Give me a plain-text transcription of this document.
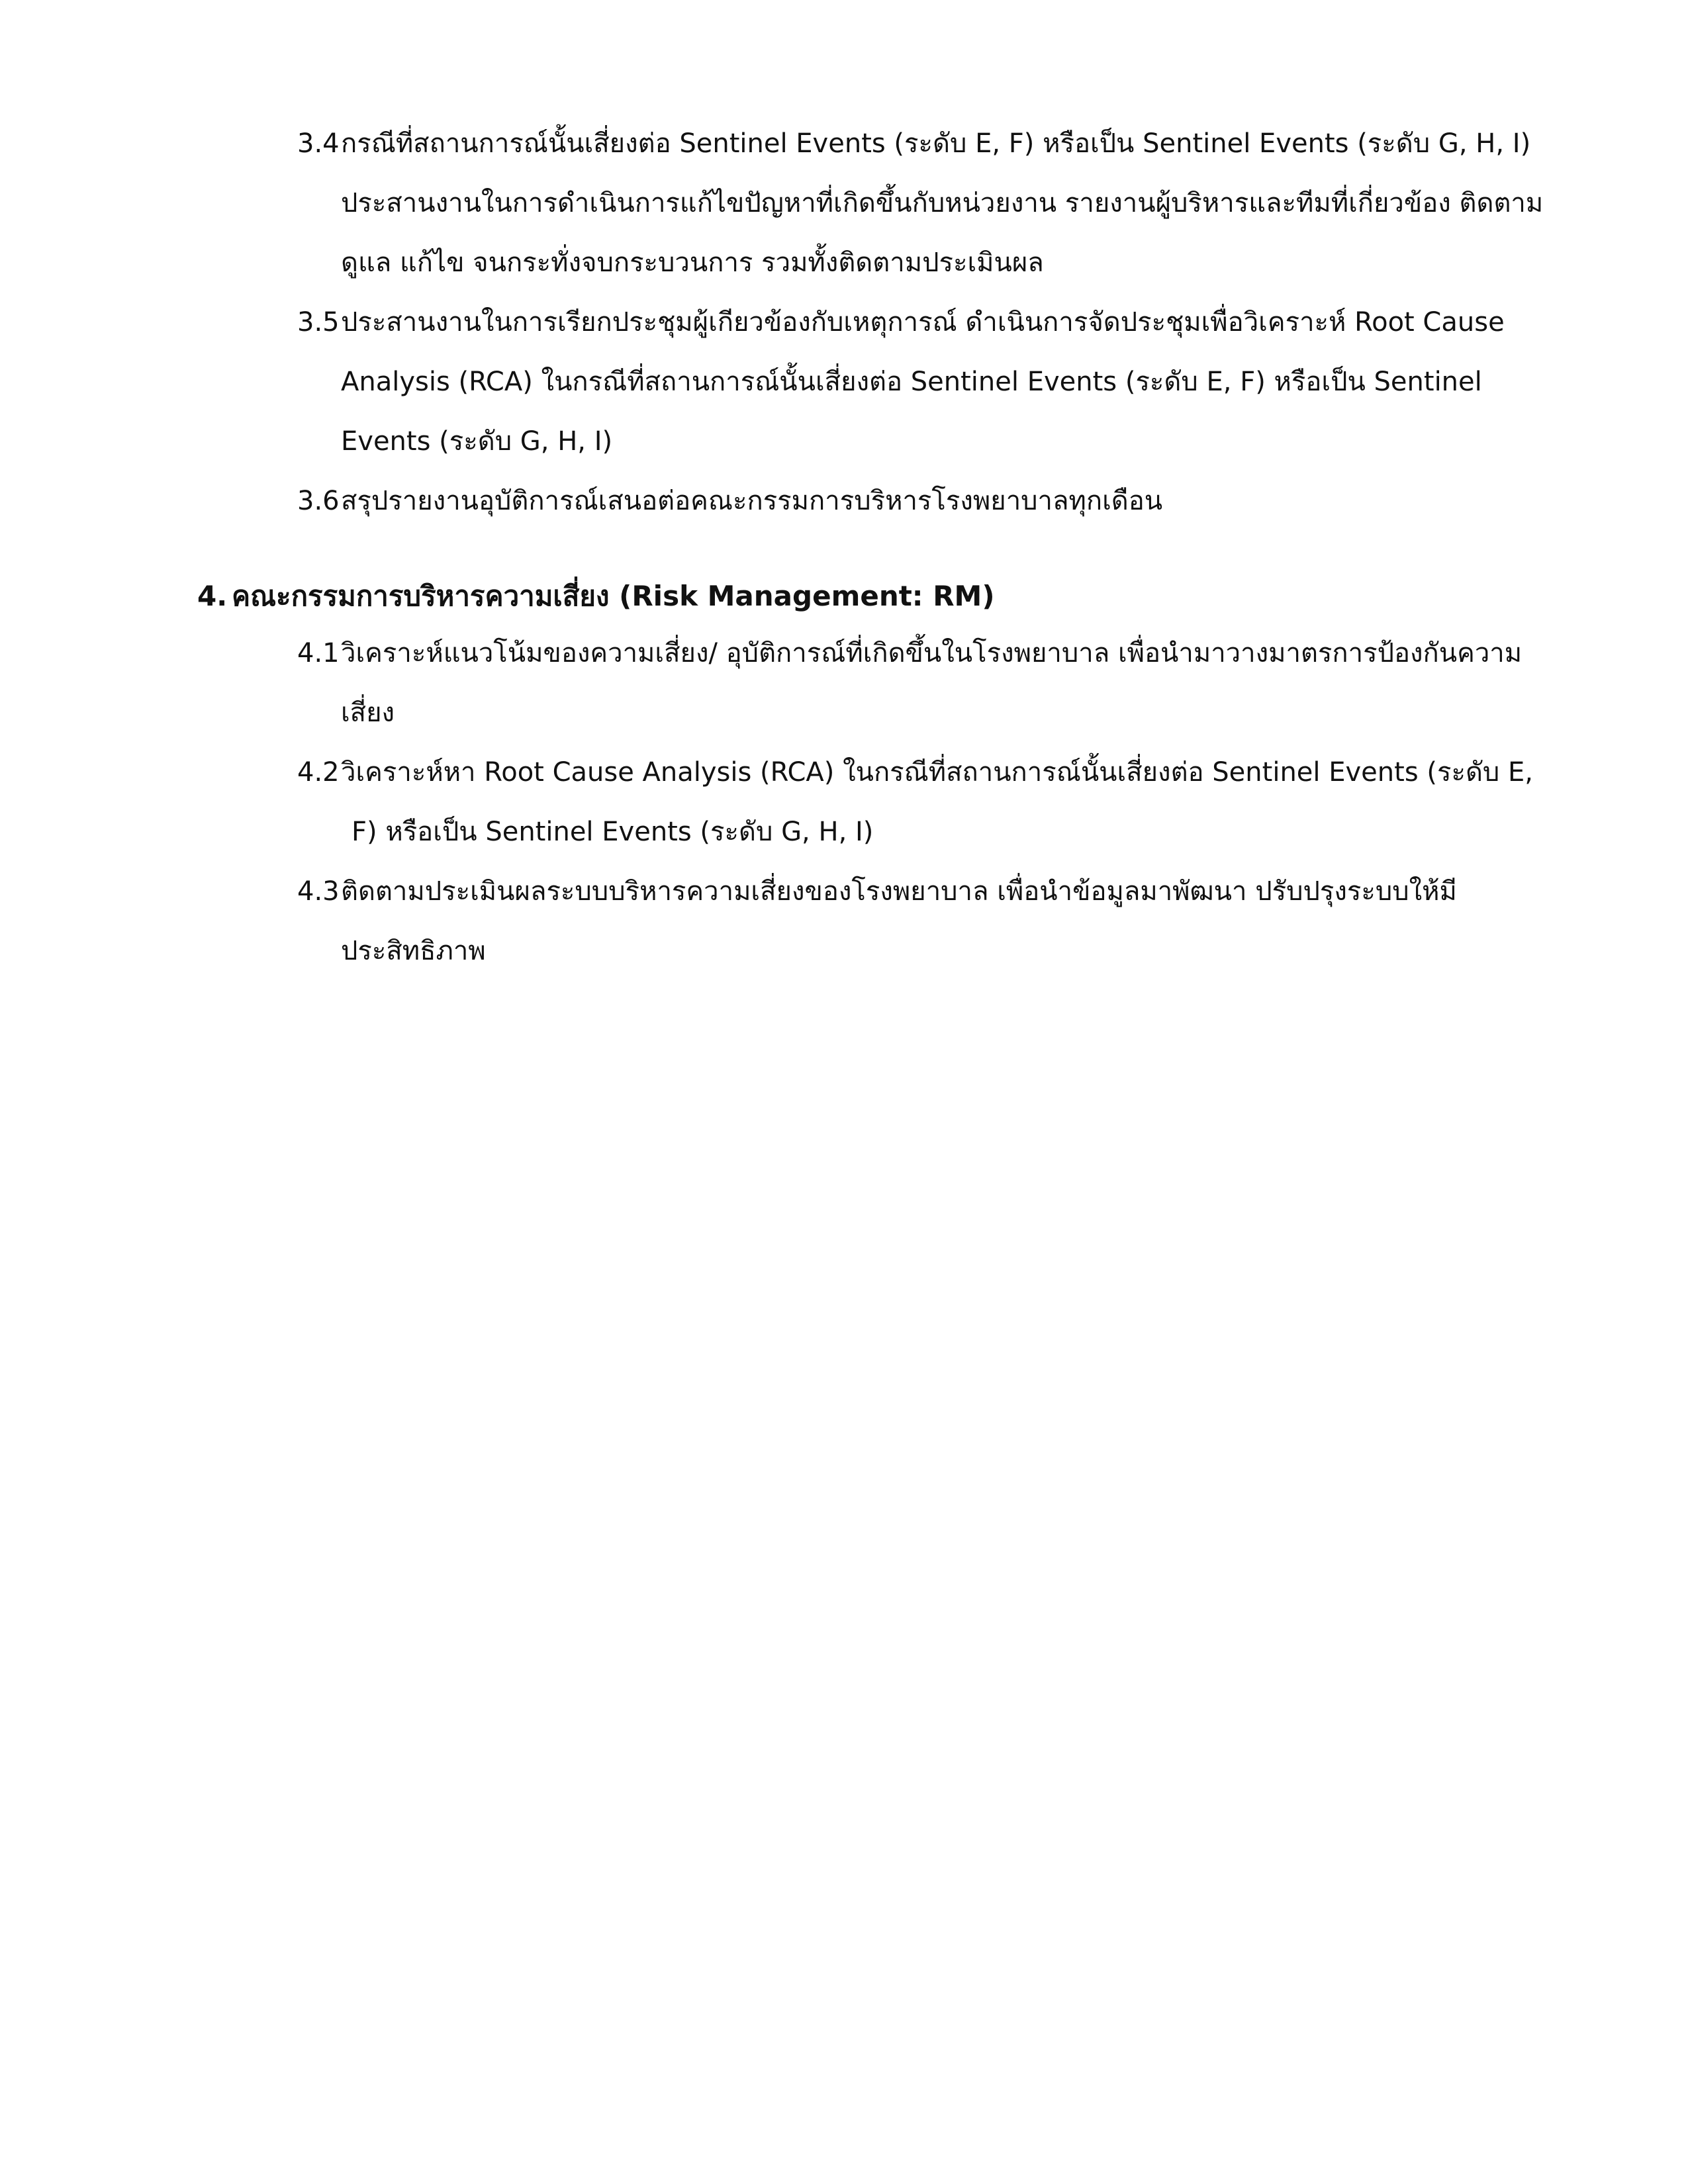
3.4กรณีที่สถานการณ์นั้นเสี่ยงต่อ Sentinel Events (ระดับ E, F) หรือเป็น Sentinel Events (ระดับ G, H, I)
ประสานงานในการดำเนินการแก้ไขปัญหาที่เกิดขึ้นกับหน่วยงาน รายงานผู้บริหารและทีมที่เกี่ยวข้อง ติดตาม
ดูแล แก้ไข จนกระทั่งจบกระบวนการ รวมทั้งติดตามประเมินผล
3.5ประสานงานในการเรียกประชุมผู้เกียวข้องกับเหตุการณ์ ดำเนินการจัดประชุมเพื่อวิเคราะห์ Root Cause
Analysis (RCA) ในกรณีที่สถานการณ์นั้นเสี่ยงต่อ Sentinel Events (ระดับ E, F) หรือเป็น Sentinel
Events (ระดับ G, H, I)
3.6สรุปรายงานอุบัติการณ์เสนอต่อคณะกรรมการบริหารโรงพยาบาลทุกเดือน
4. คณะกรรมการบริหารความเสี่ยง (Risk Management: RM)
4.1วิเคราะห์แนวโน้มของความเสี่ยง/ อุบัติการณ์ที่เกิดขึ้นในโรงพยาบาล เพื่อนำมาวางมาตรการป้องกันความ
เสี่ยง
4.2วิเคราะห์หา Root Cause Analysis (RCA) ในกรณีที่สถานการณ์นั้นเสี่ยงต่อ Sentinel Events (ระดับ E,
F) หรือเป็น Sentinel Events (ระดับ G, H, I)
4.3ติดตามประเมินผลระบบบริหารความเสี่ยงของโรงพยาบาล เพื่อนำข้อมูลมาพัฒนา ปรับปรุงระบบให้มี
ประสิทธิภาพ
